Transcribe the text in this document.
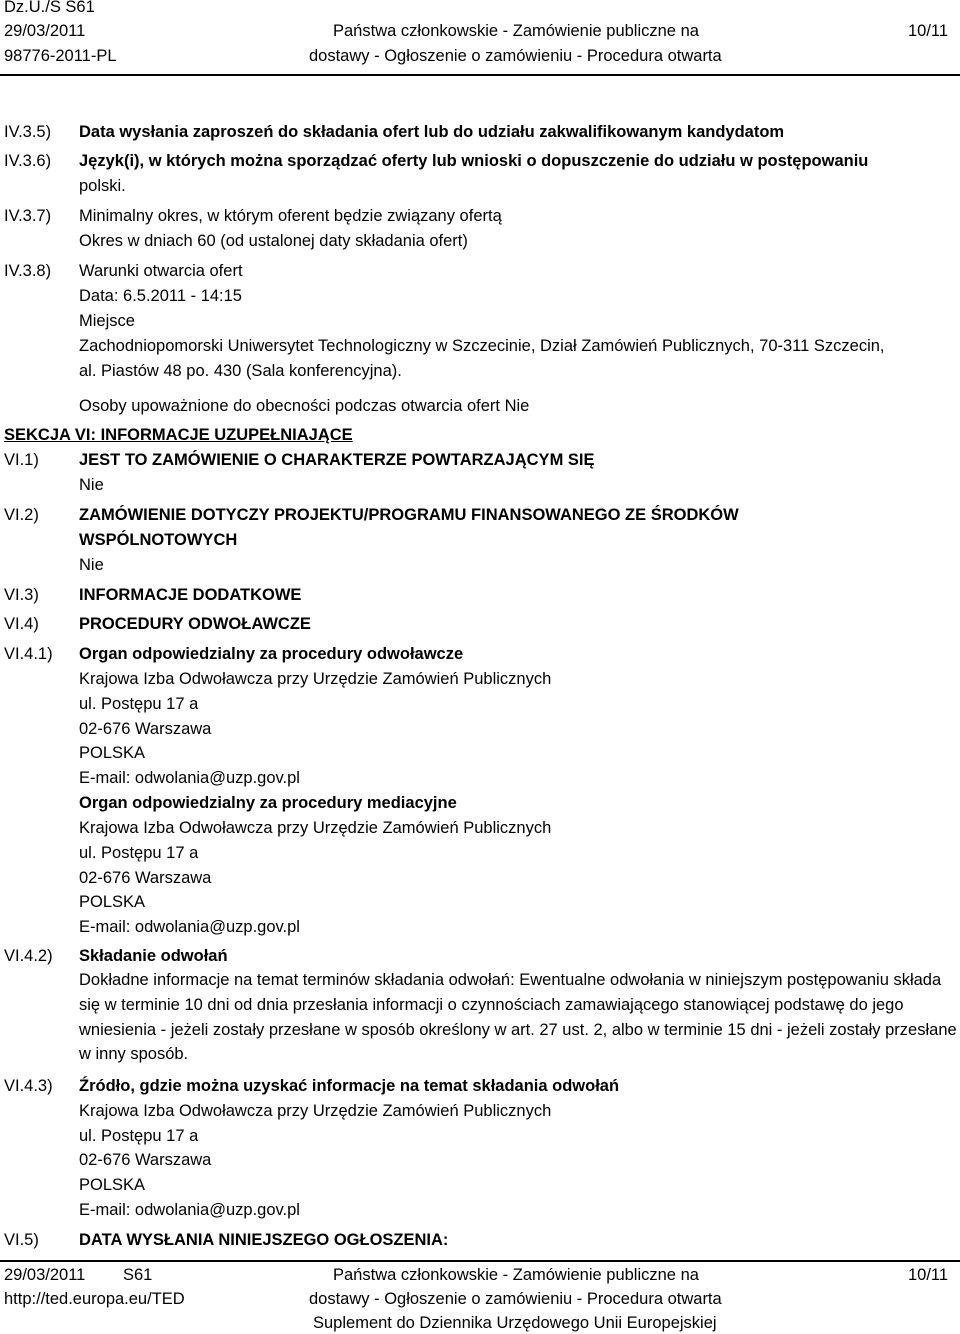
Dz.U./S S61
29/03/2011
98776-2011-PL
Państwa członkowskie - Zamówienie publiczne na
dostawy - Ogłoszenie o zamówieniu - Procedura otwarta
10/11
IV.3.5) Data wysłania zaproszeń do składania ofert lub do udziału zakwalifikowanym kandydatom
IV.3.6) Język(i), w których można sporządzać oferty lub wnioski o dopuszczenie do udziału w postępowaniu
polski.
IV.3.7) Minimalny okres, w którym oferent będzie związany ofertą
Okres w dniach 60 (od ustalonej daty składania ofert)
IV.3.8) Warunki otwarcia ofert
Data: 6.5.2011 - 14:15
Miejsce
Zachodniopomorski Uniwersytet Technologiczny w Szczecinie, Dział Zamówień Publicznych, 70-311 Szczecin,
al. Piastów 48 po. 430 (Sala konferencyjna).
Osoby upoważnione do obecności podczas otwarcia ofert Nie
SEKCJA VI: INFORMACJE UZUPEŁNIAJĄCE
VI.1) JEST TO ZAMÓWIENIE O CHARAKTERZE POWTARZAJĄCYM SIĘ
Nie
VI.2) ZAMÓWIENIE DOTYCZY PROJEKTU/PROGRAMU FINANSOWANEGO ZE ŚRODKÓW
WSPÓLNOTOWYCH
Nie
VI.3) INFORMACJE DODATKOWE
VI.4) PROCEDURY ODWOŁAWCZE
VI.4.1) Organ odpowiedzialny za procedury odwoławcze
Krajowa Izba Odwoławcza przy Urzędzie Zamówień Publicznych
ul. Postępu 17 a
02-676 Warszawa
POLSKA
E-mail: odwolania@uzp.gov.pl
Organ odpowiedzialny za procedury mediacyjne
Krajowa Izba Odwoławcza przy Urzędzie Zamówień Publicznych
ul. Postępu 17 a
02-676 Warszawa
POLSKA
E-mail: odwolania@uzp.gov.pl
VI.4.2) Składanie odwołań
Dokładne informacje na temat terminów składania odwołań: Ewentualne odwołania w niniejszym postępowaniu składa się w terminie 10 dni od dnia przesłania informacji o czynnościach zamawiającego stanowiącej podstawę do jego wniesienia - jeżeli zostały przesłane w sposób określony w art. 27 ust. 2, albo w terminie 15 dni - jeżeli zostały przesłane w inny sposób.
VI.4.3) Źródło, gdzie można uzyskać informacje na temat składania odwołań
Krajowa Izba Odwoławcza przy Urzędzie Zamówień Publicznych
ul. Postępu 17 a
02-676 Warszawa
POLSKA
E-mail: odwolania@uzp.gov.pl
VI.5) DATA WYSŁANIA NINIEJSZEGO OGŁOSZENIA:
29/03/2011 S61
http://ted.europa.eu/TED
Państwa członkowskie - Zamówienie publiczne na
dostawy - Ogłoszenie o zamówieniu - Procedura otwarta
Suplement do Dziennika Urzędowego Unii Europejskiej
10/11
